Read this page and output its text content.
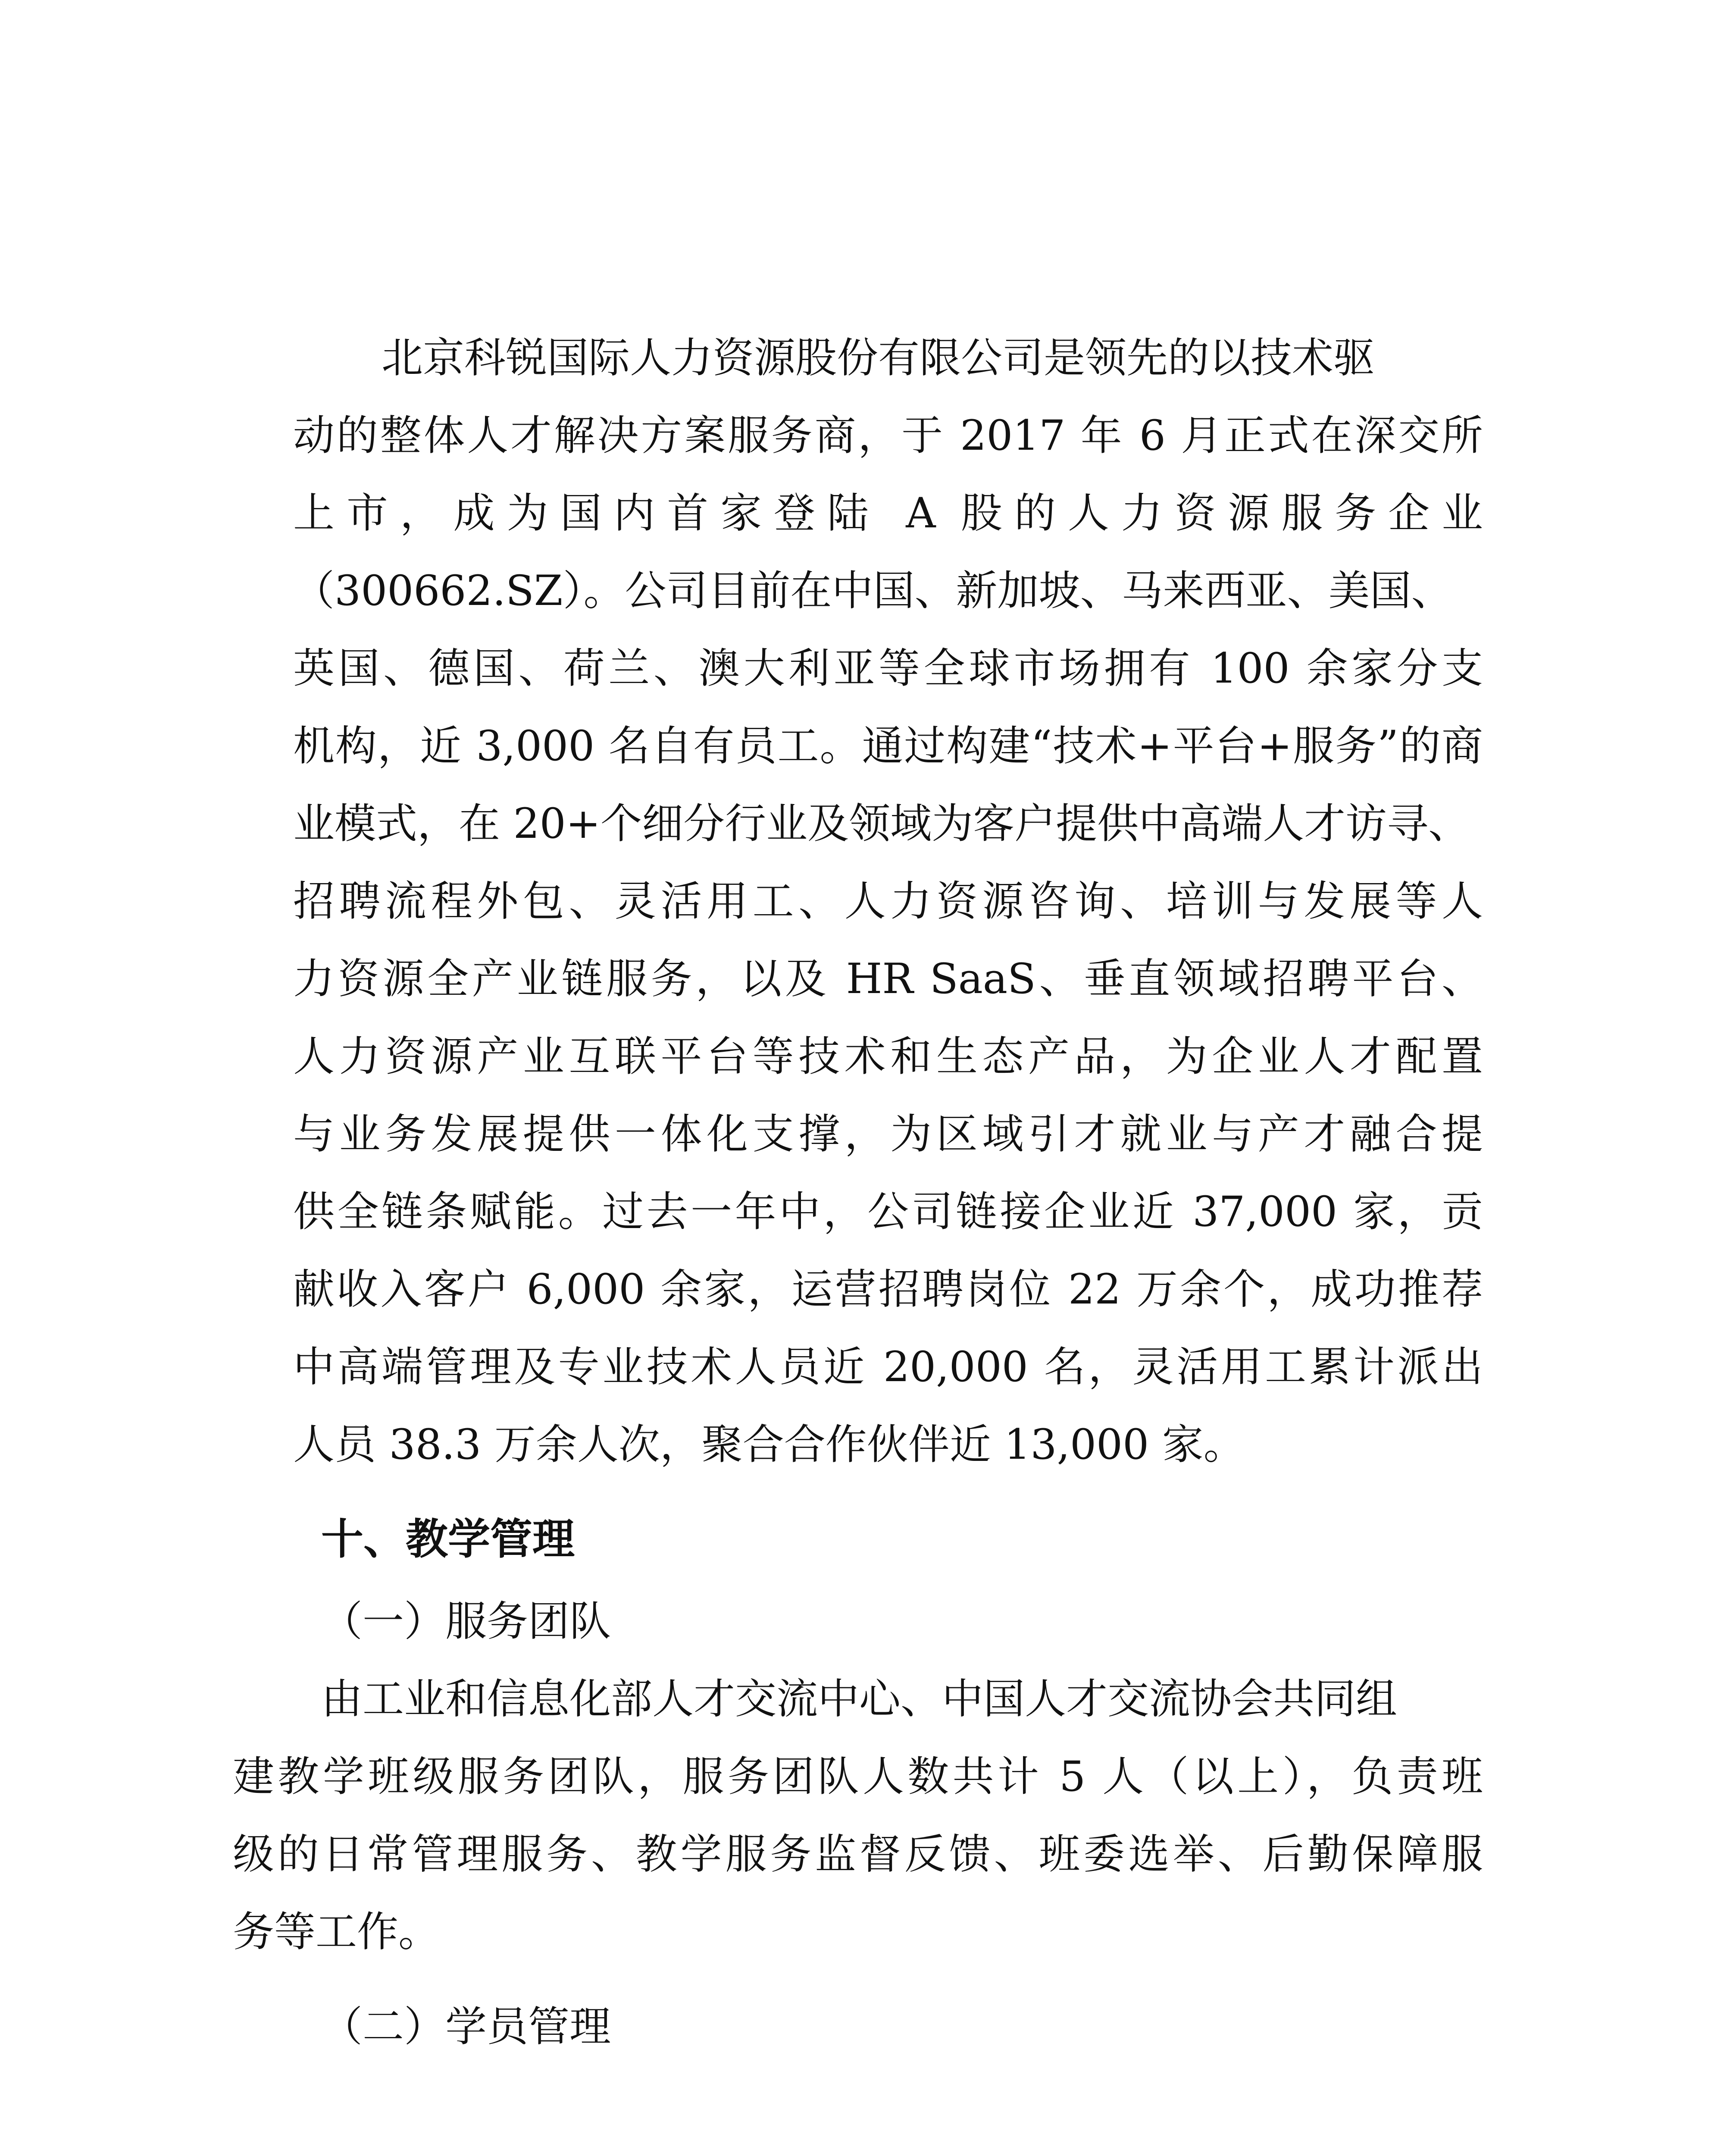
北京科锐国际人力资源股份有限公司是领先的以技术驱
动的整体人才解决方案服务商，于 2017 年 6 月正式在深交所
上市，成为国内首家登陆 A 股的人力资源服务企业
（300662.SZ）。公司目前在中国、新加坡、马来西亚、美国、
英国、德国、荷兰、澳大利亚等全球市场拥有 100 余家分支
机构，近 3,000 名自有员工。通过构建“技术+平台+服务”的商
业模式，在 20+个细分行业及领域为客户提供中高端人才访寻、
招聘流程外包、灵活用工、人力资源咨询、培训与发展等人
力资源全产业链服务，以及 HR SaaS、垂直领域招聘平台、
人力资源产业互联平台等技术和生态产品，为企业人才配置
与业务发展提供一体化支撑，为区域引才就业与产才融合提
供全链条赋能。过去一年中，公司链接企业近 37,000 家，贡
献收入客户 6,000 余家，运营招聘岗位 22 万余个，成功推荐
中高端管理及专业技术人员近 20,000 名，灵活用工累计派出
人员 38.3 万余人次，聚合合作伙伴近 13,000 家。
十、教学管理
（一）服务团队
由工业和信息化部人才交流中心、中国人才交流协会共同组
建教学班级服务团队，服务团队人数共计 5 人（以上），负责班
级的日常管理服务、教学服务监督反馈、班委选举、后勤保障服
务等工作。
（二）学员管理
